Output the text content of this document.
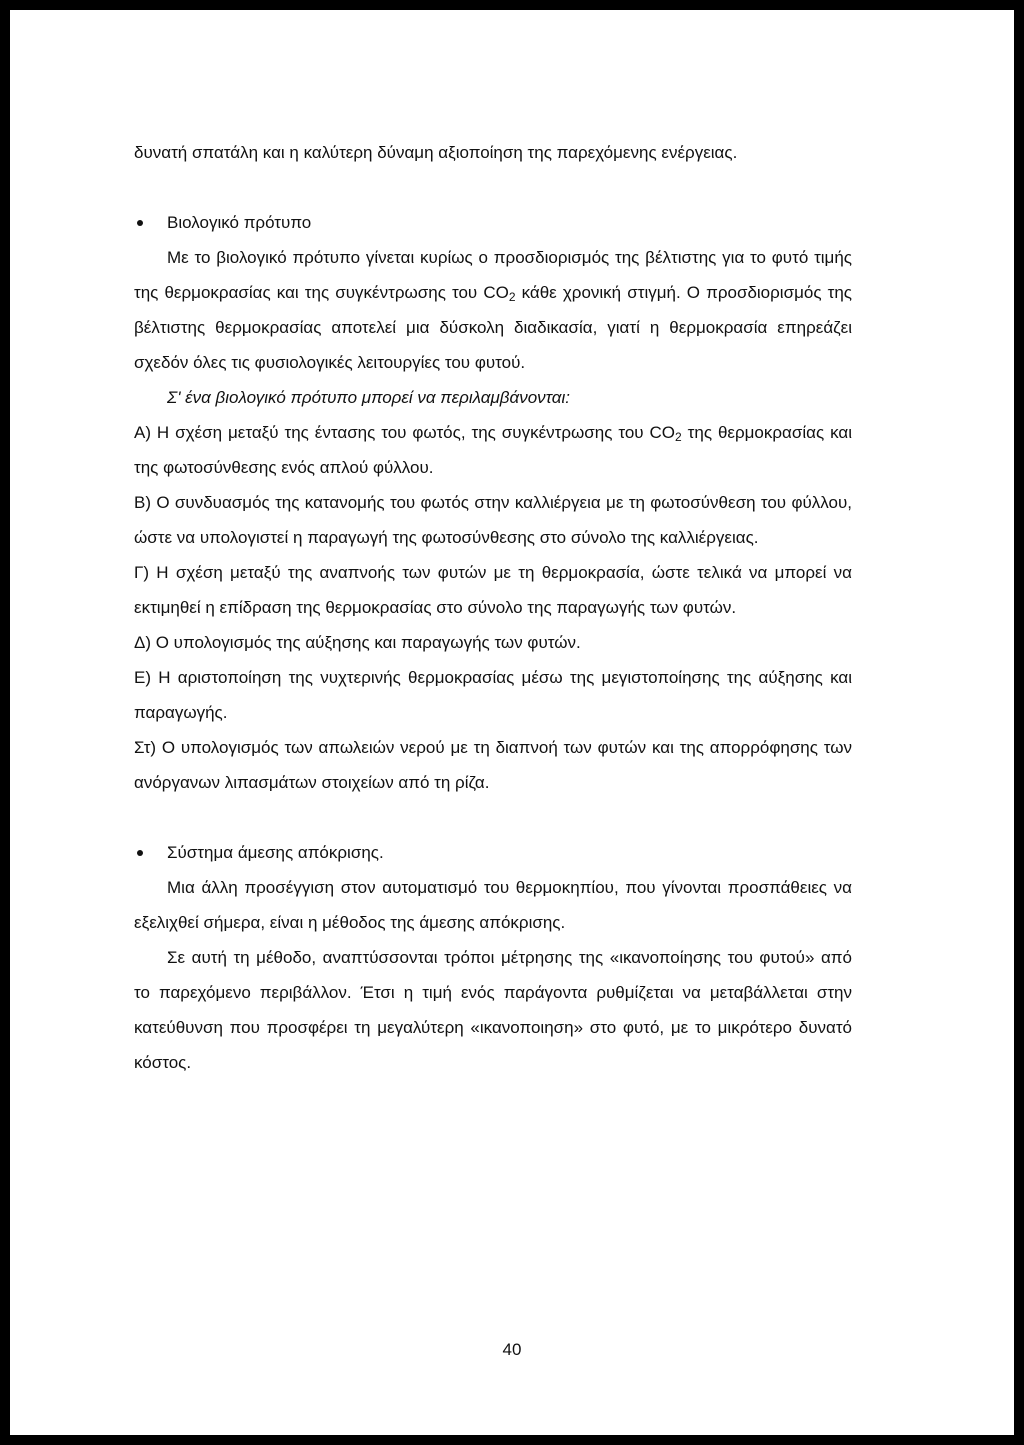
δυνατή σπατάλη και η καλύτερη δύναμη αξιοποίηση της παρεχόμενης ενέργειας.

Βιολογικό πρότυπο

Με το βιολογικό πρότυπο γίνεται κυρίως ο προσδιορισμός της βέλτιστης για το φυτό τιμής της θερμοκρασίας και της συγκέντρωσης του $CO_2$ κάθε χρονική στιγμή. Ο προσδιορισμός της βέλτιστης θερμοκρασίας αποτελεί μια δύσκολη διαδικασία, γιατί η θερμοκρασία επηρεάζει σχεδόν όλες τις φυσιολογικές λειτουργίες του φυτού.

Σ' ένα βιολογικό πρότυπο μπορεί να περιλαμβάνονται:

Α) Η σχέση μεταξύ της έντασης του φωτός, της συγκέντρωσης του $CO_2$ της θερμοκρασίας και της φωτοσύνθεσης ενός απλού φύλλου.

Β) Ο συνδυασμός της κατανομής του φωτός στην καλλιέργεια με τη φωτοσύνθεση του φύλλου, ώστε να υπολογιστεί η παραγωγή της φωτοσύνθεσης στο σύνολο της καλλιέργειας.

Γ) Η σχέση μεταξύ της αναπνοής των φυτών με τη θερμοκρασία, ώστε τελικά να μπορεί να εκτιμηθεί η επίδραση της θερμοκρασίας στο σύνολο της παραγωγής των φυτών.

Δ) Ο υπολογισμός της αύξησης και παραγωγής των φυτών.

Ε) Η αριστοποίηση της νυχτερινής θερμοκρασίας μέσω της μεγιστοποίησης της αύξησης και παραγωγής.

Στ) Ο υπολογισμός των απωλειών νερού με τη διαπνοή των φυτών και της απορρόφησης των ανόργανων λιπασμάτων στοιχείων από τη ρίζα.

Σύστημα άμεσης απόκρισης.

Μια άλλη προσέγγιση στον αυτοματισμό του θερμοκηπίου, που γίνονται προσπάθειες να εξελιχθεί σήμερα, είναι η μέθοδος της άμεσης απόκρισης.

Σε αυτή τη μέθοδο, αναπτύσσονται τρόποι μέτρησης της «ικανοποίησης του φυτού» από το παρεχόμενο περιβάλλον. Έτσι η τιμή ενός παράγοντα ρυθμίζεται να μεταβάλλεται στην κατεύθυνση που προσφέρει τη μεγαλύτερη «ικανοποιηση» στο φυτό, με το μικρότερο δυνατό κόστος.

40
